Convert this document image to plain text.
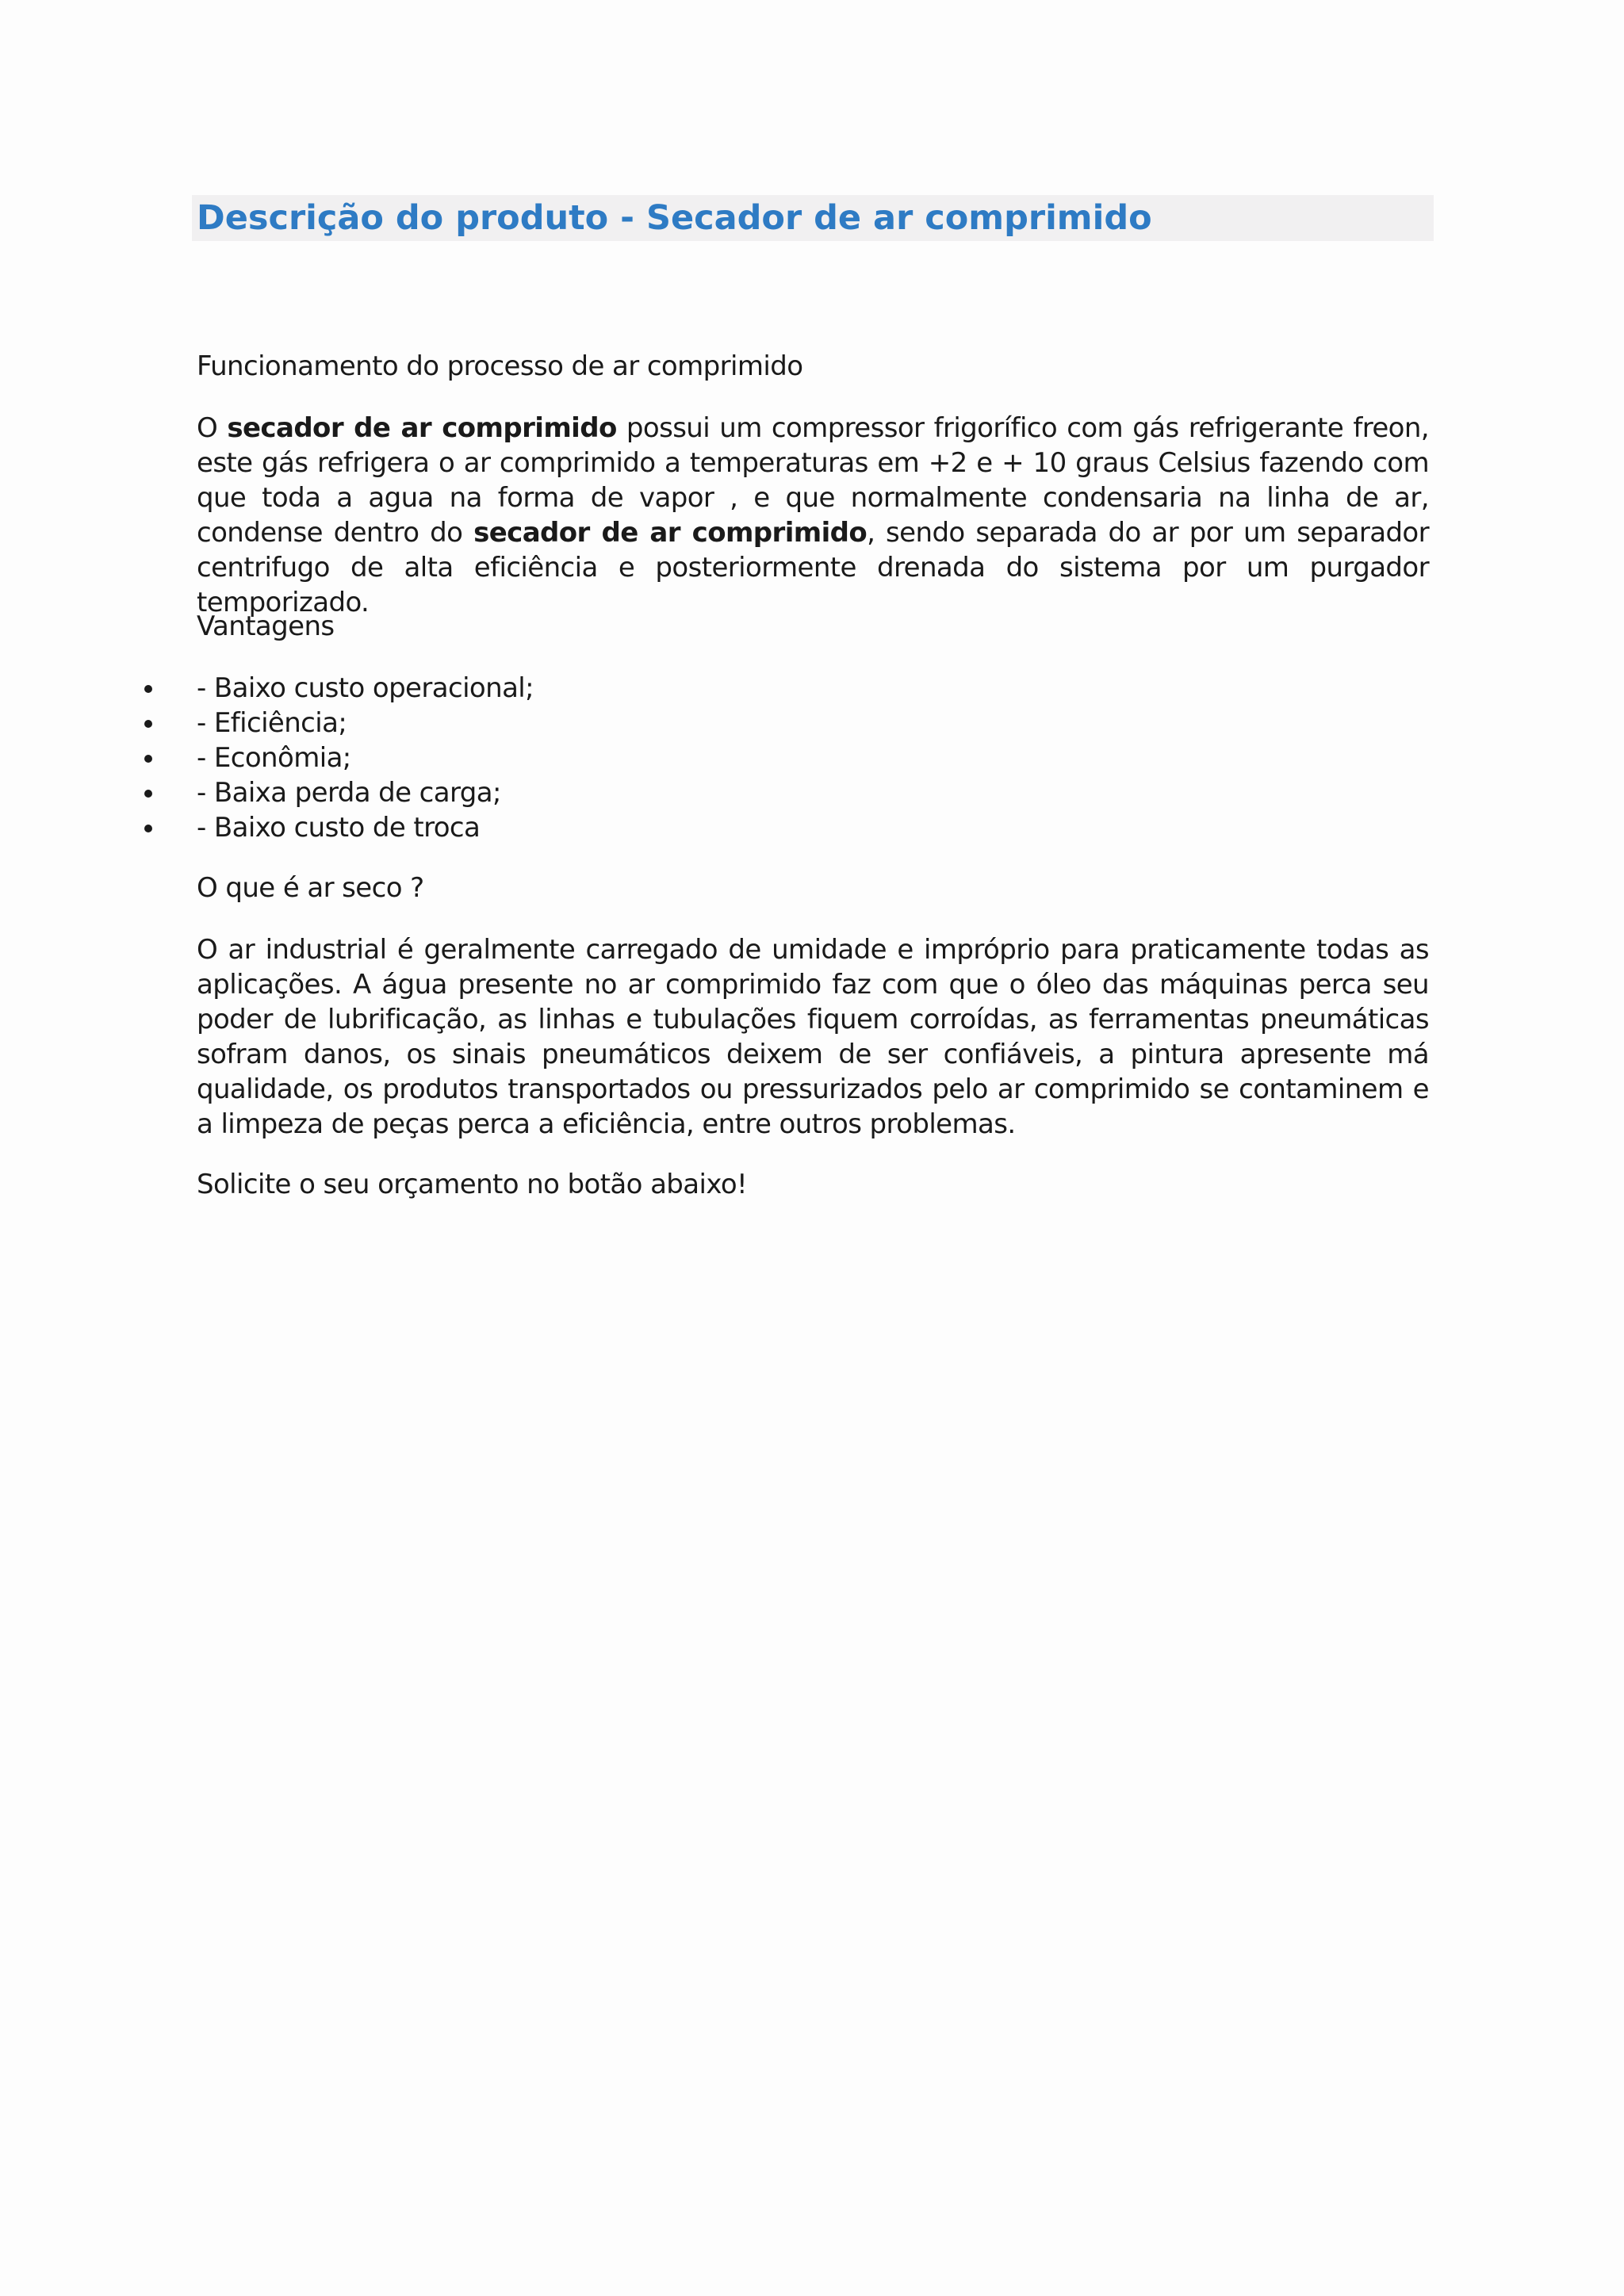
Descrição do produto - Secador de ar comprimido

Funcionamento do processo de ar comprimido

O secador de ar comprimido possui um compressor frigorífico com gás refrigerante freon, este gás refrigera o ar comprimido a temperaturas em +2 e + 10 graus Celsius fazendo com que toda a agua na forma de vapor , e que normalmente condensaria na linha de ar, condense dentro do secador de ar comprimido, sendo separada do ar por um separador centrifugo de alta eficiência e posteriormente drenada do sistema por um purgador temporizado.

Vantagens

- Baixo custo operacional;
- Eficiência;
- Econômia;
- Baixa perda de carga;
- Baixo custo de troca

O que é ar seco ?

O ar industrial é geralmente carregado de umidade e impróprio para praticamente todas as aplicações. A água presente no ar comprimido faz com que o óleo das máquinas perca seu poder de lubrificação, as linhas e tubulações fiquem corroídas, as ferramentas pneumáticas sofram danos, os sinais pneumáticos deixem de ser confiáveis, a pintura apresente má qualidade, os produtos transportados ou pressurizados pelo ar comprimido se contaminem e a limpeza de peças perca a eficiência, entre outros problemas.

Solicite o seu orçamento no botão abaixo!
